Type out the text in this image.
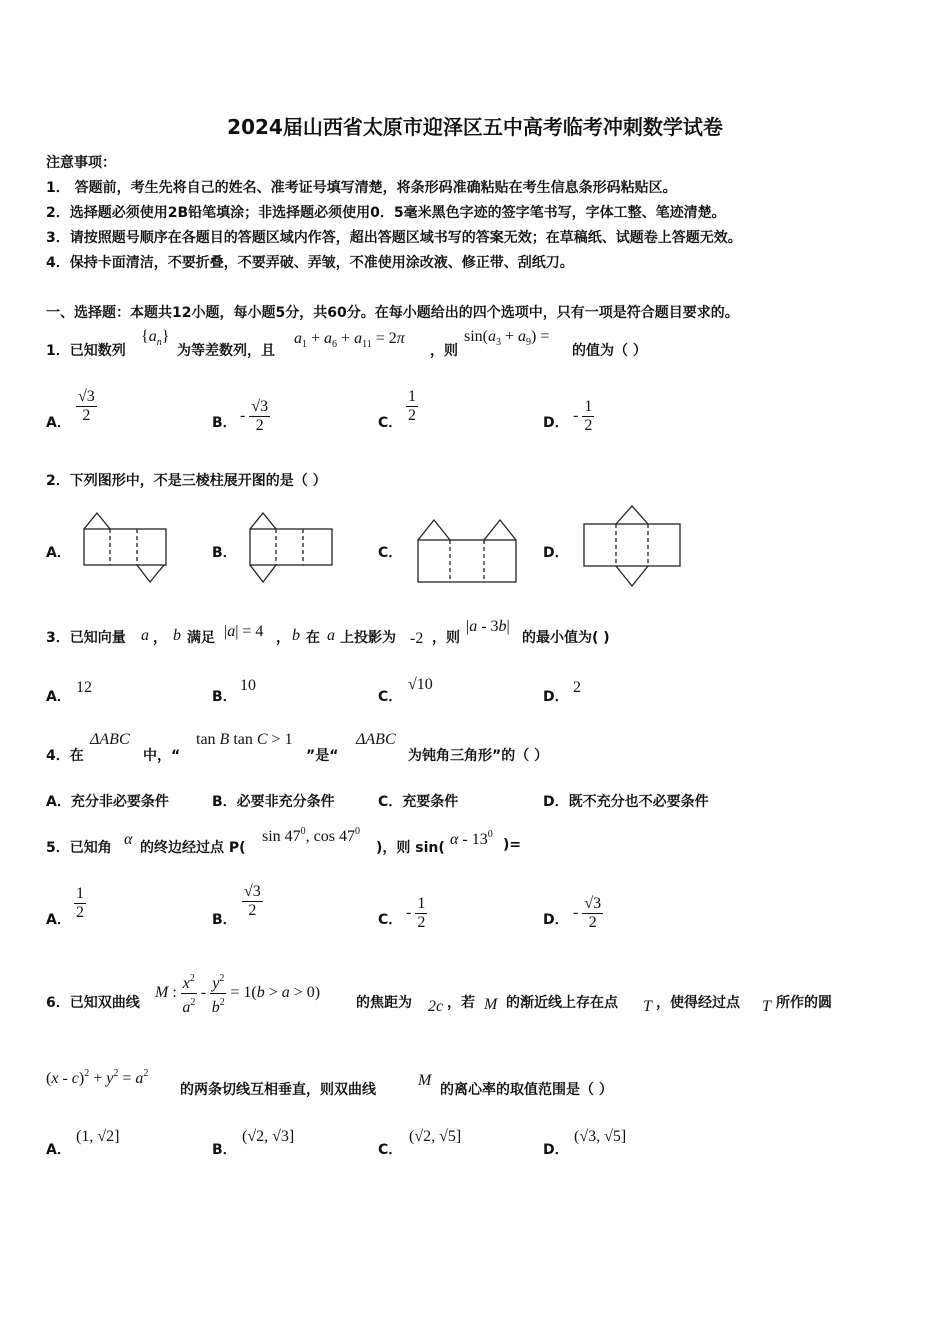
2024届山西省太原市迎泽区五中高考临考冲刺数学试卷
注意事项：
1． 答题前，考生先将自己的姓名、准考证号填写清楚，将条形码准确粘贴在考生信息条形码粘贴区。
2．选择题必须使用2B铅笔填涂；非选择题必须使用0．5毫米黑色字迹的签字笔书写，字体工整、笔迹清楚。
3．请按照题号顺序在各题目的答题区域内作答，超出答题区域书写的答案无效；在草稿纸、试题卷上答题无效。
4．保持卡面清洁，不要折叠，不要弄破、弄皱，不准使用涂改液、修正带、刮纸刀。
一、选择题：本题共12小题，每小题5分，共60分。在每小题给出的四个选项中，只有一项是符合题目要求的。
1．已知数列
$\{a_n\}$
为等差数列，且
$a_1 + a_6 + a_{11} = 2\pi$
，则
$\sin(a_3 + a_9)$ =
的值为（ ）
A． $\frac{√3}{2}$	B． - $\frac{√3}{2}$	C． $\frac{1}{2}$	D． - $\frac{1}{2}$
2．下列图形中，不是三棱柱展开图的是（ ）
A．	B．	C．	D．
3．已知向量 a ， b 满足 |a| = 4 ， b 在 a 上投影为 -2 ，则
|a - 3b|
的最小值为( )
A．
12
B．
10
C．
√10
D．
2
4．在
ΔABC
中，“
tan B tan C > 1
”是“
ΔABC
为钝角三角形”的（ ）
A．充分非必要条件	B．必要非充分条件	C．充要条件	D．既不充分也不必要条件
5．已知角 α 的终边经过点 P(
$\sin 47^0$, $\cos 47^0$
)，则 sin( α - $13^0$
)=
A． $\frac{1}{2}$	B． $\frac{√3}{2}$	C． - $\frac{1}{2}$	D． - $\frac{√3}{2}$
6．已知双曲线
M : $\frac{x^2}{a^2} - \frac{y^2}{b^2} = 1(b > a > 0)$
的焦距为 2c ，若 M 的渐近线上存在点 T ，使得经过点 T 所作的圆
$(x - c)^2 + y^2 = a^2$
的两条切线互相垂直，则双曲线
M
的离心率的取值范围是（ ）
A．
(1, √2]
B．
(√2, √3]
C．
(√2, √5]
D．
(√3, √5]
